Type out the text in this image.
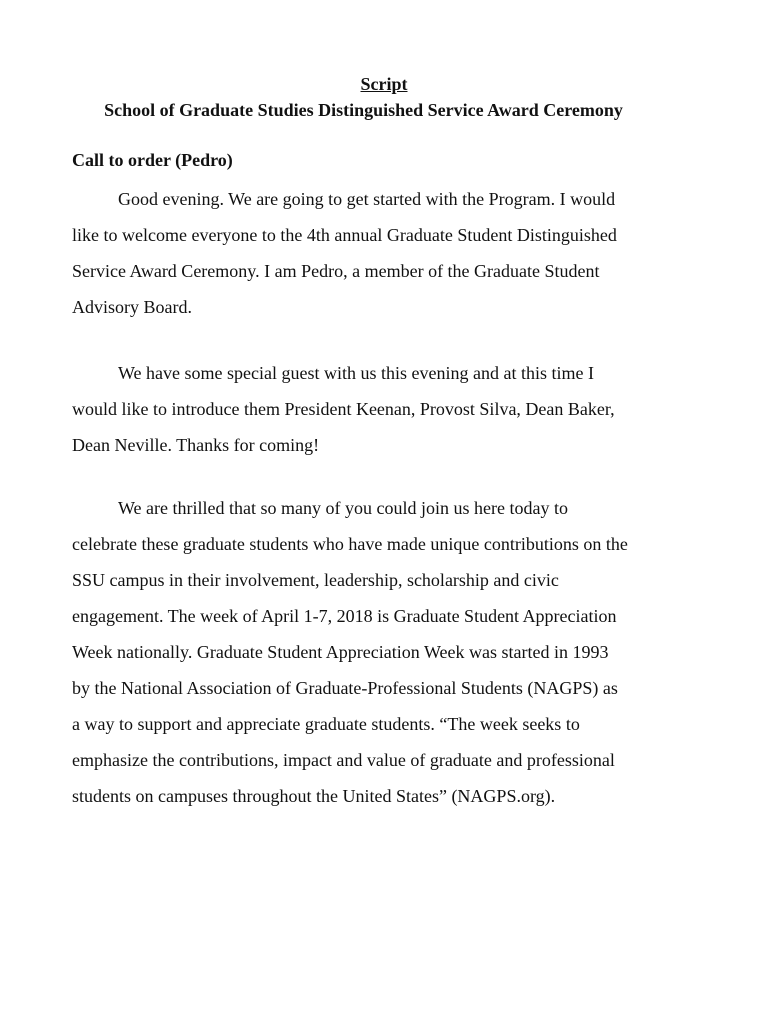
Script
School of Graduate Studies Distinguished Service Award Ceremony
Call to order (Pedro)

Good evening. We are going to get started with the Program. I would
like to welcome everyone to the 4th annual Graduate Student Distinguished
Service Award Ceremony. I am Pedro, a member of the Graduate Student
Advisory Board.

We have some special guest with us this evening and at this time I
would like to introduce them President Keenan, Provost Silva, Dean Baker,
Dean Neville. Thanks for coming!

We are thrilled that so many of you could join us here today to
celebrate these graduate students who have made unique contributions on the
SSU campus in their involvement, leadership, scholarship and civic
engagement. The week of April 1-7, 2018 is Graduate Student Appreciation
Week nationally. Graduate Student Appreciation Week was started in 1993
by the National Association of Graduate-Professional Students (NAGPS) as
a way to support and appreciate graduate students. “The week seeks to
emphasize the contributions, impact and value of graduate and professional
students on campuses throughout the United States” (NAGPS.org).
